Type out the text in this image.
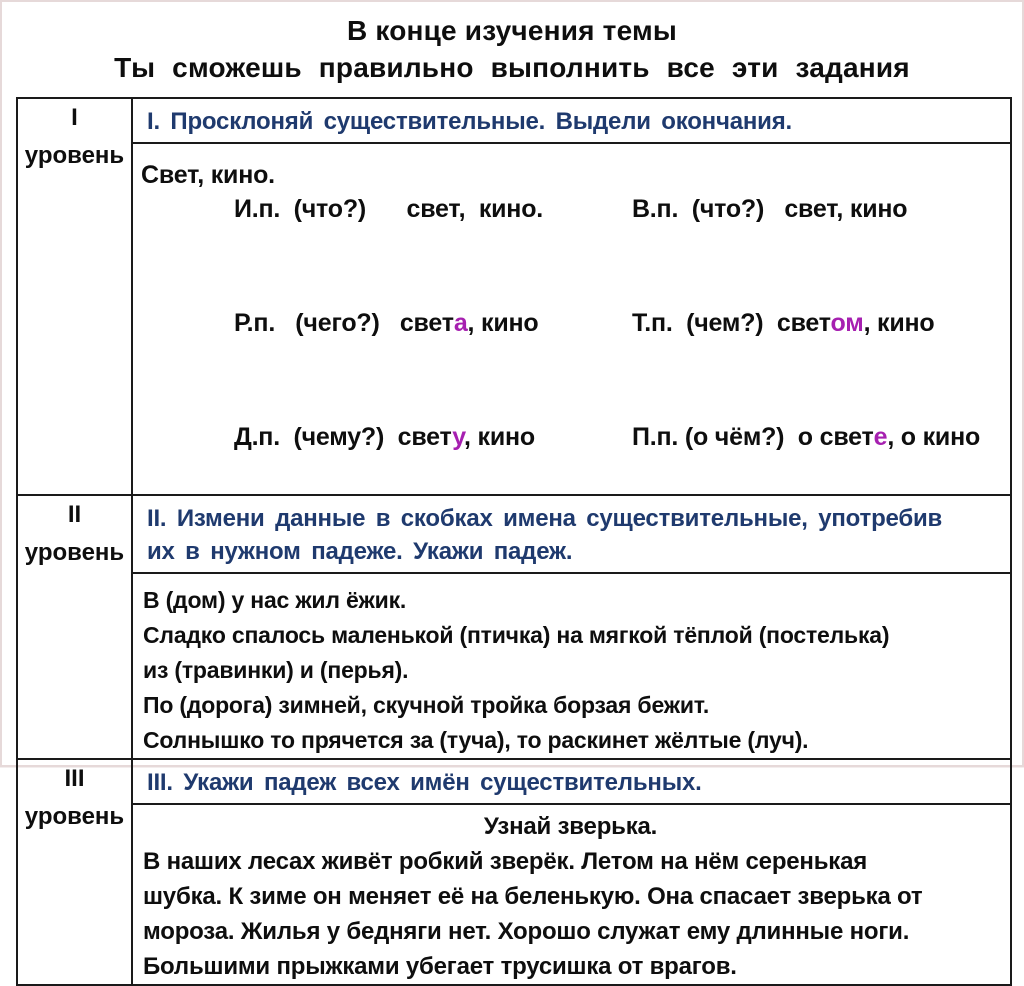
В конце изучения темы
Ты сможешь правильно выполнить все эти задания
I
уровень

I. Просклоняй существительные. Выдели окончания.
Свет, кино.

И.п.  (что?)      свет,  кино.	В.п.  (что?)   свет, кино

Р.п.   (чего?)   света, кино	Т.п.  (чем?)  светом, кино

Д.п.  (чему?)  свету, кино	П.п. (о чём?)  о свете, о кино

II
уровень

II. Измени данные в скобках имена существительные, употребив
их в нужном падеже. Укажи падеж.
В (дом) у нас жил ёжик.
Сладко спалось маленькой (птичка) на мягкой тёплой (постелька)
из (травинки) и (перья).
По (дорога) зимней, скучной тройка борзая бежит.
Солнышко то прячется за (туча), то раскинет жёлтые (луч).

III
уровень

III. Укажи падеж всех имён существительных.
Узнай зверька.
В наших лесах живёт робкий зверёк. Летом на нём серенькая
шубка. К зиме он меняет её на беленькую. Она спасает зверька от
мороза. Жилья у бедняги нет. Хорошо служат ему длинные ноги.
Большими прыжками убегает трусишка от врагов.
